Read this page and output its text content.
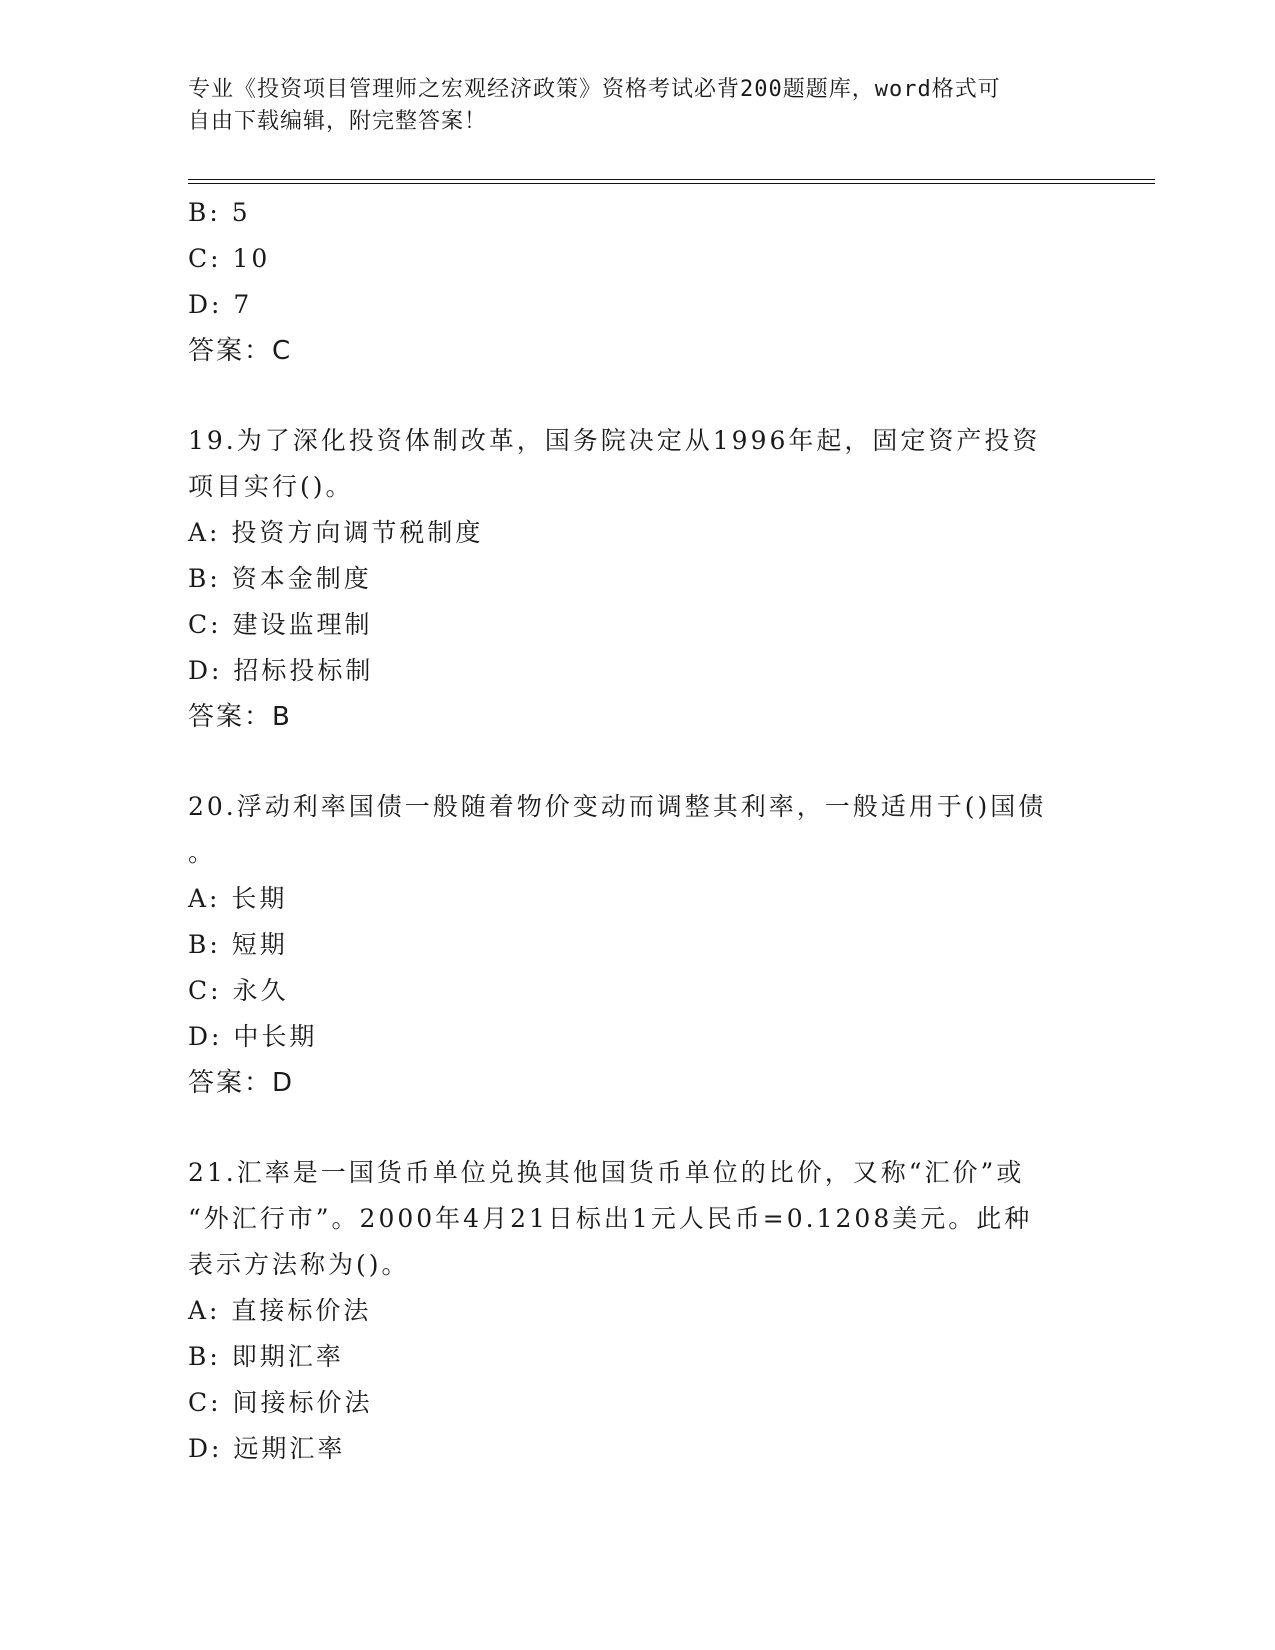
专业《投资项目管理师之宏观经济政策》资格考试必背200题题库，word格式可
自由下载编辑，附完整答案！
B: 5
C: 10
D: 7
答案：C
19.为了深化投资体制改革，国务院决定从1996年起，固定资产投资
项目实行()。
A: 投资方向调节税制度
B: 资本金制度
C: 建设监理制
D: 招标投标制
答案：B
20.浮动利率国债一般随着物价变动而调整其利率，一般适用于()国债
。
A: 长期
B: 短期
C: 永久
D: 中长期
答案：D
21.汇率是一国货币单位兑换其他国货币单位的比价，又称“汇价”或
“外汇行市”。2000年4月21日标出1元人民币=0.1208美元。此种
表示方法称为()。
A: 直接标价法
B: 即期汇率
C: 间接标价法
D: 远期汇率
